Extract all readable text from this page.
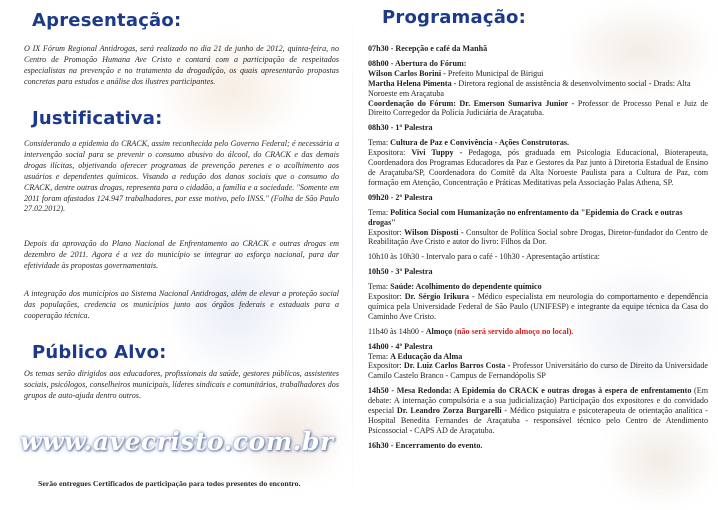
Apresentação:
O IX Fórum Regional Antidrogas, será realizado no dia 21 de junho de 2012, quinta-feira, no Centro de Promoção Humana Ave Cristo e contará com a participação de respeitados especialistas na prevenção e no tratamento da drogadição, os quais apresentarão propostas concretas para estudos e análise dos ilustres participantes.
Justificativa:
Considerando a epidemia do CRACK, assim reconhecida pelo Governo Federal; é necessária a intervenção social para se prevenir o consumo abusivo do álcool, do CRACK e das demais drogas ilícitas, objetivando oferecer programas de prevenção perenes e o acolhimento aos usuários e dependentes químicos. Visando a redução dos danos sociais que o consumo do CRACK, dentre outras drogas, representa para o cidadão, a família e a sociedade. "Somente em 2011 foram afastados 124.947 trabalhadores, por esse motivo, pelo INSS." (Folha de São Paulo 27.02.2012).
Depois da aprovação do Plano Nacional de Enfrentamento ao CRACK e outras drogas em dezembro de 2011. Agora é a vez do município se integrar ao esforço nacional, para dar efetividade às propostas governamentais.
A integração dos municípios ao Sistema Nacional Antidrogas, além de elevar a proteção social das populações, credencia os municípios junto aos órgãos federais e estaduais para a cooperação técnica.
Público Alvo:
Os temas serão dirigidos aos educadores, profissionais da saúde, gestores públicos, assistentes sociais, psicólogos, conselheiros municipais, líderes sindicais e comunitários, trabalhadores dos grupos de auto-ajuda dentro outros.
www.avecristo.com.br
Serão entregues Certificados de participação para todos presentes do encontro.
Programação:

07h30 - Recepção e café da Manhã

08h00 - Abertura do Fórum:

Wilson Carlos Borini - Prefeito Municipal de Birigui

Martha Helena Pimenta - Diretora regional de assistência & desenvolvimento social - Drads: Alta Noroeste em Araçatuba

Coordenação do Fórum: Dr. Emerson Sumariva Junior - Professor de Processo Penal e Juiz de Direito Corregedor da Polícia Judiciária de Araçatuba.

08h30 - 1º Palestra

Tema: Cultura de Paz e Convivência - Ações Construtoras.

Expositora: Vivi Tuppy - Pedagoga, pós graduada em Psicologia Educacional, Bioterapeuta, Coordenadora dos Programas Educadores da Paz e Gestores da Paz junto à Diretoria Estadual de Ensino de Araçatuba/SP, Coordenadora do Comitê da Alta Noroeste Paulista para a Cultura de Paz, com formação em Atenção, Concentração e Práticas Meditativas pela Associação Palas Athena, SP.

09h20 - 2º Palestra

Tema: Política Social com Humanização no enfrentamento da "Epidemia do Crack e outras drogas"

Expositor: Wilson Disposti - Consultor de Política Social sobre Drogas, Diretor-fundador do Centro de Reabilitação Ave Cristo e autor do livro: Filhos da Dor.

10h10 às 10h30 - Intervalo para o café - 10h30 - Apresentação artística:

10h50 - 3º Palestra

Tema: Saúde: Acolhimento do dependente químico

Expositor: Dr. Sérgio Irikura - Médico especialista em neurologia do comportamento e dependência química pela Universidade Federal de São Paulo (UNIFESP) e integrante da equipe técnica da Casa do Caminho Ave Cristo.

11h40 às 14h00 - Almoço (não será servido almoço no local).

14h00 - 4º Palestra

Tema: A Educação da Alma

Expositor: Dr. Luiz Carlos Barros Costa - Professor Universitário do curso de Direito da Universidade Camilo Castelo Branco - Campus de Fernandópolis SP

14h50 - Mesa Redonda: A Epidemia do CRACK e outras drogas à espera de enfrentamento (Em debate: A internação compulsória e a sua judicialização) Participação dos expositores e do convidado especial Dr. Leandro Zorza Burgarelli - Médico psiquiatra e psicoterapeuta de orientação analítica - Hospital Benedita Fernandes de Araçatuba - responsável técnico pelo Centro de Atendimento Psicossocial - CAPS AD de Araçatuba.

16h30 - Encerramento do evento.
